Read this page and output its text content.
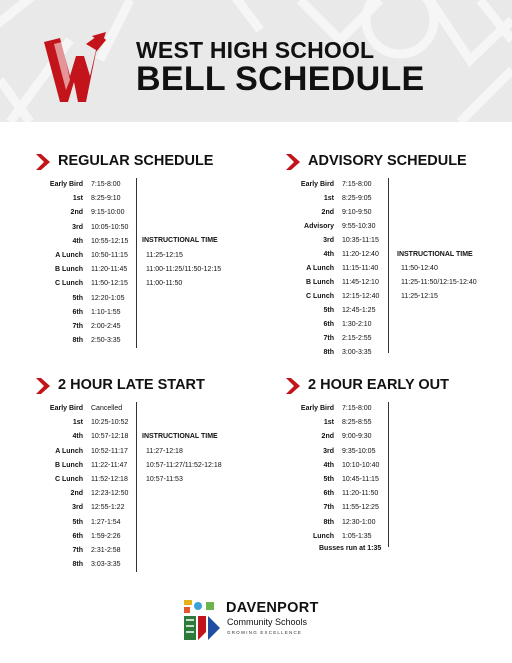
WEST HIGH SCHOOL
BELL SCHEDULE
REGULAR SCHEDULE
INSTRUCTIONAL TIME
Early Bird 7:15-8:00
1st 8:25-9:10
2nd 9:15-10:00
3rd 10:05-10:50
4th 10:55-12:15
A Lunch 10:50-11:15	11:25-12:15
B Lunch 11:20-11:45	11:00-11:25/11:50-12:15
C Lunch 11:50-12:15	11:00-11:50
5th 12:20-1:05
6th 1:10-1:55
7th 2:00-2:45
8th 2:50-3:35
ADVISORY SCHEDULE
INSTRUCTIONAL TIME
Early Bird 7:15-8:00
1st 8:25-9:05
2nd 9:10-9:50
Advisory 9:55-10:30
3rd 10:35-11:15
4th 11:20-12:40
A Lunch 11:15-11:40	11:50-12:40
B Lunch 11:45-12:10	11:25-11:50/12:15-12:40
C Lunch 12:15-12:40	11:25-12:15
5th 12:45-1:25
6th 1:30-2:10
7th 2:15-2:55
8th 3:00-3:35
2 HOUR LATE START
INSTRUCTIONAL TIME
Early Bird Cancelled
1st 10:25-10:52
4th 10:57-12:18
A Lunch 10:52-11:17	11:27-12:18
B Lunch 11:22-11:47	10:57-11:27/11:52-12:18
C Lunch 11:52-12:18	10:57-11:53
2nd 12:23-12:50
3rd 12:55-1:22
5th 1:27-1:54
6th 1:59-2:26
7th 2:31-2:58
8th 3:03-3:35
2 HOUR EARLY OUT
Busses run at 1:35
Early Bird 7:15-8:00
1st 8:25-8:55
2nd 9:00-9:30
3rd 9:35-10:05
4th 10:10-10:40
5th 10:45-11:15
6th 11:20-11:50
7th 11:55-12:25
8th 12:30-1:00
Lunch 1:05-1:35
DAVENPORT
Community Schools
GROWING EXCELLENCE
